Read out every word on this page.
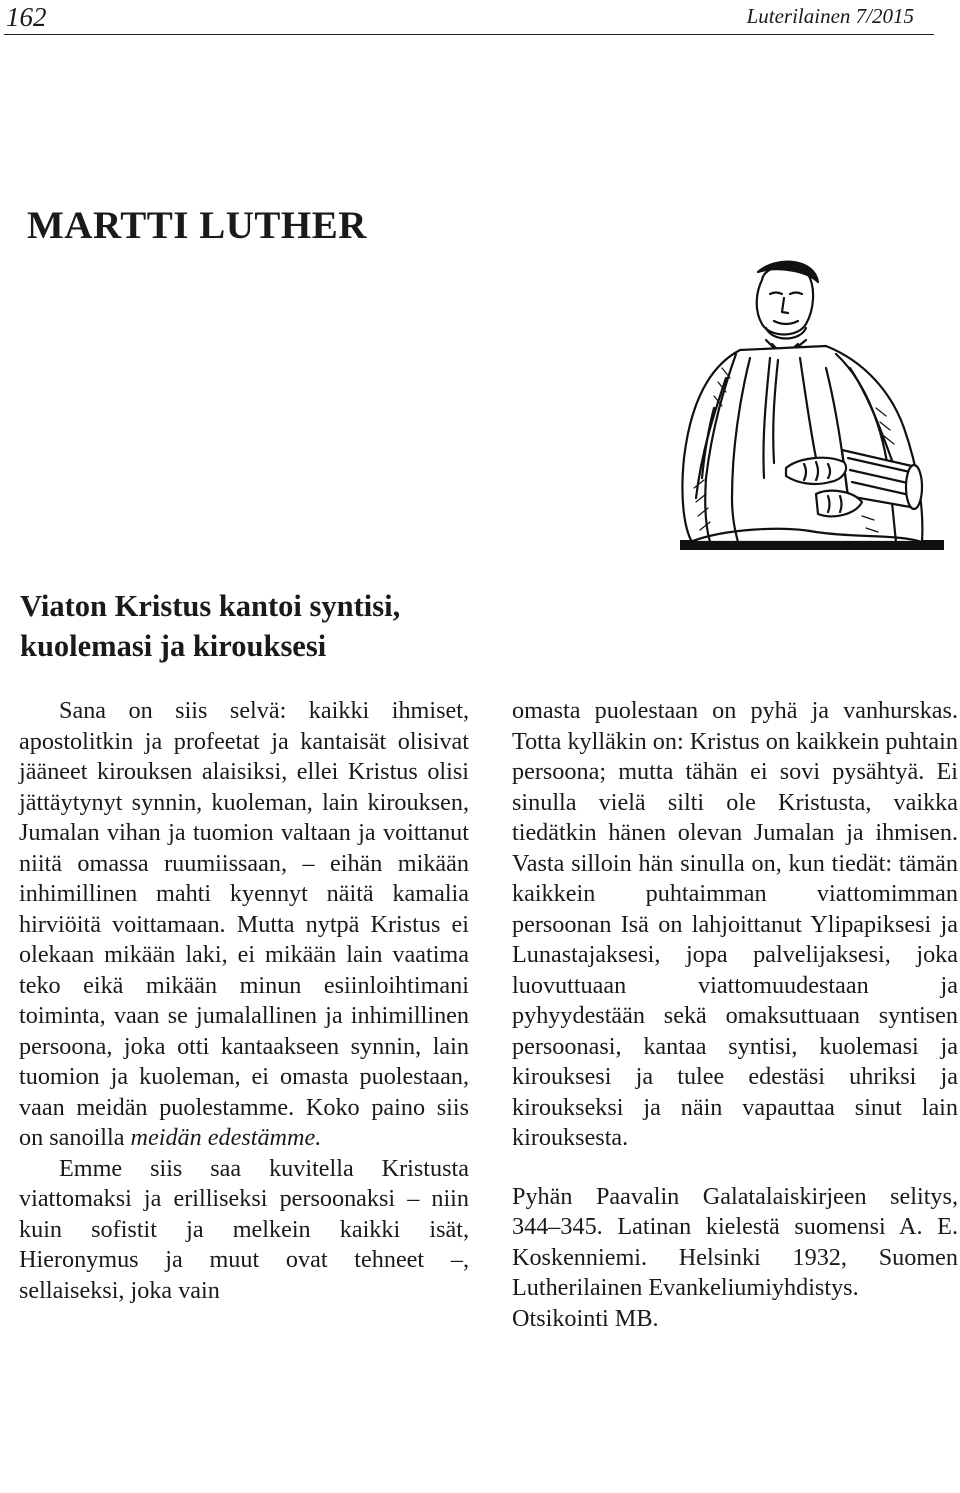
162	Luterilainen 7/2015
MARTTI LUTHER
Viaton Kristus kantoi syntisi,
kuolemasi ja kirouksesi

Sana on siis selvä: kaikki ihmiset, apostolitkin ja profeetat ja kantaisät olisivat jääneet kirouksen alaisiksi, ellei Kristus olisi jättäytynyt synnin, kuoleman, lain kirouksen, Jumalan vihan ja tuomion valtaan ja voittanut niitä omassa ruumiissaan, – eihän mikään inhimillinen mahti kyennyt näitä kamalia hirviöitä voittamaan. Mutta nytpä Kristus ei olekaan mikään laki, ei mikään lain vaatima teko eikä mikään minun esiinloihtimani toiminta, vaan se jumalallinen ja inhimillinen persoona, joka otti kantaakseen synnin, lain tuomion ja kuoleman, ei omasta puolestaan, vaan meidän puolestamme. Koko paino siis on sanoilla meidän edestämme.

Emme siis saa kuvitella Kristusta viattomaksi ja erilliseksi persoonaksi – niin kuin sofistit ja melkein kaikki isät, Hieronymus ja muut ovat tehneet –, sellaiseksi, joka vain

omasta puolestaan on pyhä ja vanhurskas. Totta kylläkin on: Kristus on kaikkein puhtain persoona; mutta tähän ei sovi pysähtyä. Ei sinulla vielä silti ole Kristusta, vaikka tiedätkin hänen olevan Jumalan ja ihmisen. Vasta silloin hän sinulla on, kun tiedät: tämän kaikkein puhtaimman viattomimman persoonan Isä on lahjoittanut Ylipapiksesi ja Lunastajaksesi, jopa palvelijaksesi, joka luovuttuaan viattomuudestaan ja pyhyydestään sekä omaksuttuaan syntisen persoonasi, kantaa syntisi, kuolemasi ja kirouksesi ja tulee edestäsi uhriksi ja kiroukseksi ja näin vapauttaa sinut lain kirouksesta.

Pyhän Paavalin Galatalaiskirjeen selitys, 344–345. Latinan kielestä suomensi A. E. Koskenniemi. Helsinki 1932, Suomen Lutherilainen Evankeliumiyhdistys.

Otsikointi MB.
